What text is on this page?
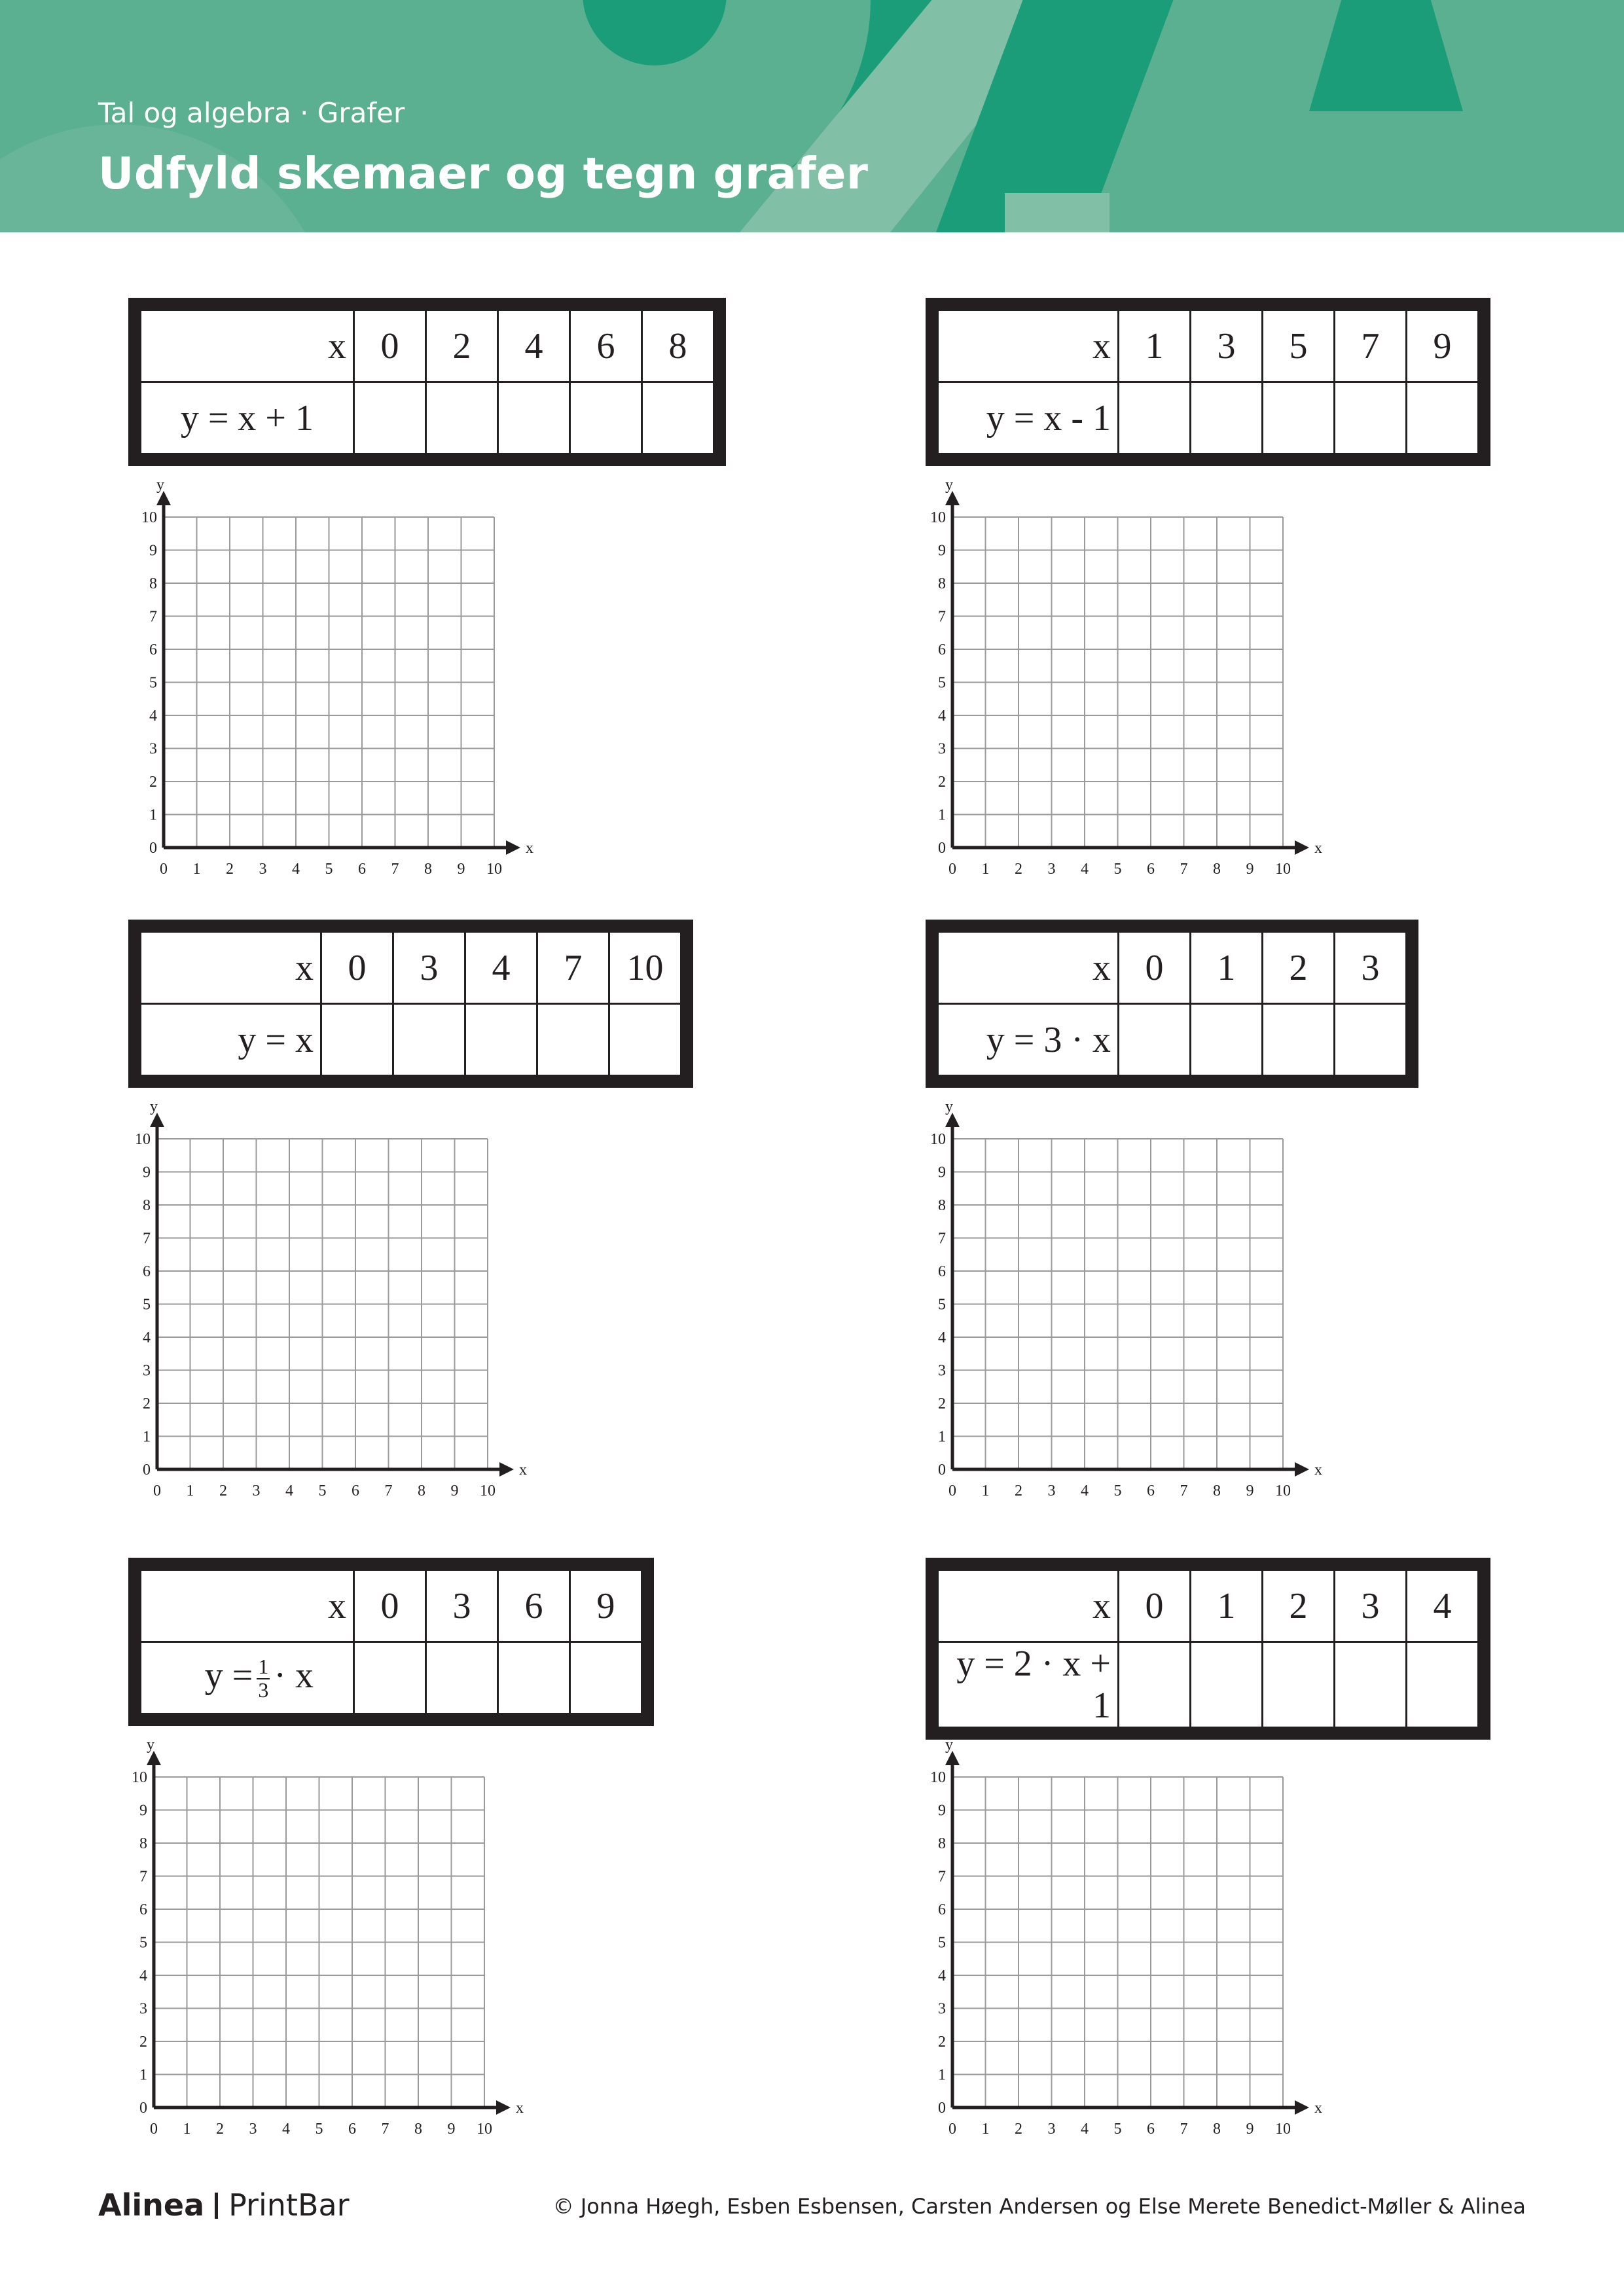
Tal og algebra · Grafer
Udfyld skemaer og tegn grafer
x	0	2	4	6	8
y = x + 1					
x	1	3	5	7	9
y = x - 1					
x	0	3	4	7	10
y = x					
x	0	1	2	3
y = 3 · x				
x	0	3	6	9
$y = \frac{1}{3} \cdot x$				
x	0	1	2	3	4
y = 2 · x + 1					
0 1 2 3 4 5 6 7 8 9 10
0
1
2
3
4
5
6
7
8
9
10
x
y
0 1 2 3 4 5 6 7 8 9 10
0
1
2
3
4
5
6
7
8
9
10
x
y
0 1 2 3 4 5 6 7 8 9 10
0
1
2
3
4
5
6
7
8
9
10
x
y
0 1 2 3 4 5 6 7 8 9 10
0
1
2
3
4
5
6
7
8
9
10
x
y
0 1 2 3 4 5 6 7 8 9 10
0
1
2
3
4
5
6
7
8
9
10
x
y
0 1 2 3 4 5 6 7 8 9 10
0
1
2
3
4
5
6
7
8
9
10
x
y
Alinea PrintBar	© Jonna Høegh, Esben Esbensen, Carsten Andersen og Else Merete Benedict-Møller & Alinea
